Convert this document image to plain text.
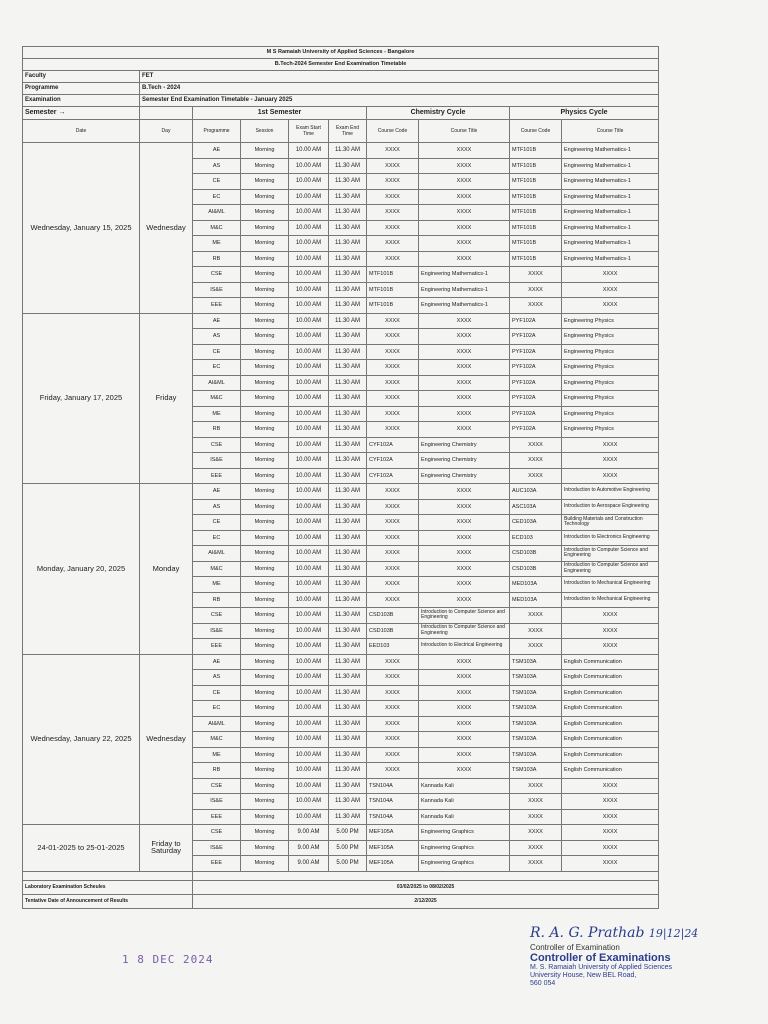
M S Ramaiah University of Applied Sciences - Bangalore									
B.Tech-2024 Semester End Examination Timetable									
Faculty	FET								
Programme	B.Tech - 2024								
Examination	Semester End Examination Timetable - January 2025								
Semester →		1st Semester				Chemistry Cycle		Physics Cycle	
Date	Day	Programme	Session	Exam Start Time	Exam End Time	Course Code	Course Title	Course Code	Course Title
Wednesday, January 15, 2025	Wednesday	AE	Morning	10.00 AM	11.30 AM	XXXX	XXXX	MTF101B	Engineering Mathematics-1
		AS	Morning	10.00 AM	11.30 AM	XXXX	XXXX	MTF101B	Engineering Mathematics-1
		CE	Morning	10.00 AM	11.30 AM	XXXX	XXXX	MTF101B	Engineering Mathematics-1
		EC	Morning	10.00 AM	11.30 AM	XXXX	XXXX	MTF101B	Engineering Mathematics-1
		AI&ML	Morning	10.00 AM	11.30 AM	XXXX	XXXX	MTF101B	Engineering Mathematics-1
		M&C	Morning	10.00 AM	11.30 AM	XXXX	XXXX	MTF101B	Engineering Mathematics-1
		ME	Morning	10.00 AM	11.30 AM	XXXX	XXXX	MTF101B	Engineering Mathematics-1
		RB	Morning	10.00 AM	11.30 AM	XXXX	XXXX	MTF101B	Engineering Mathematics-1
		CSE	Morning	10.00 AM	11.30 AM	MTF101B	Engineering Mathematics-1	XXXX	XXXX
		IS&E	Morning	10.00 AM	11.30 AM	MTF101B	Engineering Mathematics-1	XXXX	XXXX
		EEE	Morning	10.00 AM	11.30 AM	MTF101B	Engineering Mathematics-1	XXXX	XXXX
Friday, January 17, 2025	Friday	AE	Morning	10.00 AM	11.30 AM	XXXX	XXXX	PYF102A	Engineering Physics
		AS	Morning	10.00 AM	11.30 AM	XXXX	XXXX	PYF102A	Engineering Physics
		CE	Morning	10.00 AM	11.30 AM	XXXX	XXXX	PYF102A	Engineering Physics
		EC	Morning	10.00 AM	11.30 AM	XXXX	XXXX	PYF102A	Engineering Physics
		AI&ML	Morning	10.00 AM	11.30 AM	XXXX	XXXX	PYF102A	Engineering Physics
		M&C	Morning	10.00 AM	11.30 AM	XXXX	XXXX	PYF102A	Engineering Physics
		ME	Morning	10.00 AM	11.30 AM	XXXX	XXXX	PYF102A	Engineering Physics
		RB	Morning	10.00 AM	11.30 AM	XXXX	XXXX	PYF102A	Engineering Physics
		CSE	Morning	10.00 AM	11.30 AM	CYF102A	Engineering Chemistry	XXXX	XXXX
		IS&E	Morning	10.00 AM	11.30 AM	CYF102A	Engineering Chemistry	XXXX	XXXX
		EEE	Morning	10.00 AM	11.30 AM	CYF102A	Engineering Chemistry	XXXX	XXXX
Monday, January 20, 2025	Monday	AE	Morning	10.00 AM	11.30 AM	XXXX	XXXX	AUC103A	Introduction to Automotive Engineering
		AS	Morning	10.00 AM	11.30 AM	XXXX	XXXX	ASC103A	Introduction to Aerospace Engineering
		CE	Morning	10.00 AM	11.30 AM	XXXX	XXXX	CED103A	Building Materials and Construction Technology
		EC	Morning	10.00 AM	11.30 AM	XXXX	XXXX	ECD103	Introduction to Electronics Engineering
		AI&ML	Morning	10.00 AM	11.30 AM	XXXX	XXXX	CSD103B	Introduction to Computer Science and Engineering
		M&C	Morning	10.00 AM	11.30 AM	XXXX	XXXX	CSD103B	Introduction to Computer Science and Engineering
		ME	Morning	10.00 AM	11.30 AM	XXXX	XXXX	MED103A	Introduction to Mechanical Engineering
		RB	Morning	10.00 AM	11.30 AM	XXXX	XXXX	MED103A	Introduction to Mechanical Engineering
		CSE	Morning	10.00 AM	11.30 AM	CSD103B	Introduction to Computer Science and Engineering	XXXX	XXXX
		IS&E	Morning	10.00 AM	11.30 AM	CSD103B	Introduction to Computer Science and Engineering	XXXX	XXXX
		EEE	Morning	10.00 AM	11.30 AM	EED103	Introduction to Electrical Engineering	XXXX	XXXX
Wednesday, January 22, 2025	Wednesday	AE	Morning	10.00 AM	11.30 AM	XXXX	XXXX	TSM103A	English Communication
		AS	Morning	10.00 AM	11.30 AM	XXXX	XXXX	TSM103A	English Communication
		CE	Morning	10.00 AM	11.30 AM	XXXX	XXXX	TSM103A	English Communication
		EC	Morning	10.00 AM	11.30 AM	XXXX	XXXX	TSM103A	English Communication
		AI&ML	Morning	10.00 AM	11.30 AM	XXXX	XXXX	TSM103A	English Communication
		M&C	Morning	10.00 AM	11.30 AM	XXXX	XXXX	TSM103A	English Communication
		ME	Morning	10.00 AM	11.30 AM	XXXX	XXXX	TSM103A	English Communication
		RB	Morning	10.00 AM	11.30 AM	XXXX	XXXX	TSM103A	English Communication
		CSE	Morning	10.00 AM	11.30 AM	TSN104A	Kannada Kali	XXXX	XXXX
		IS&E	Morning	10.00 AM	11.30 AM	TSN104A	Kannada Kali	XXXX	XXXX
		EEE	Morning	10.00 AM	11.30 AM	TSN104A	Kannada Kali	XXXX	XXXX
24-01-2025 to 25-01-2025	Friday to Saturday	CSE	Morning	9.00 AM	5.00 PM	MEF105A	Engineering Graphics	XXXX	XXXX
		IS&E	Morning	9.00 AM	5.00 PM	MEF105A	Engineering Graphics	XXXX	XXXX
		EEE	Morning	9.00 AM	5.00 PM	MEF105A	Engineering Graphics	XXXX	XXXX

Laboratory Examination Scheules		03/02/2025 to 08/02/2025							
Tentative Date of Announcement of Results		2/12/2025							
1 8 DEC 2024
R. A. G. Prathab 19|12|24
Controller of Examination
Controller of Examinations
M. S. Ramaiah University of Applied Sciences
University House, New BEL Road,
560 054
